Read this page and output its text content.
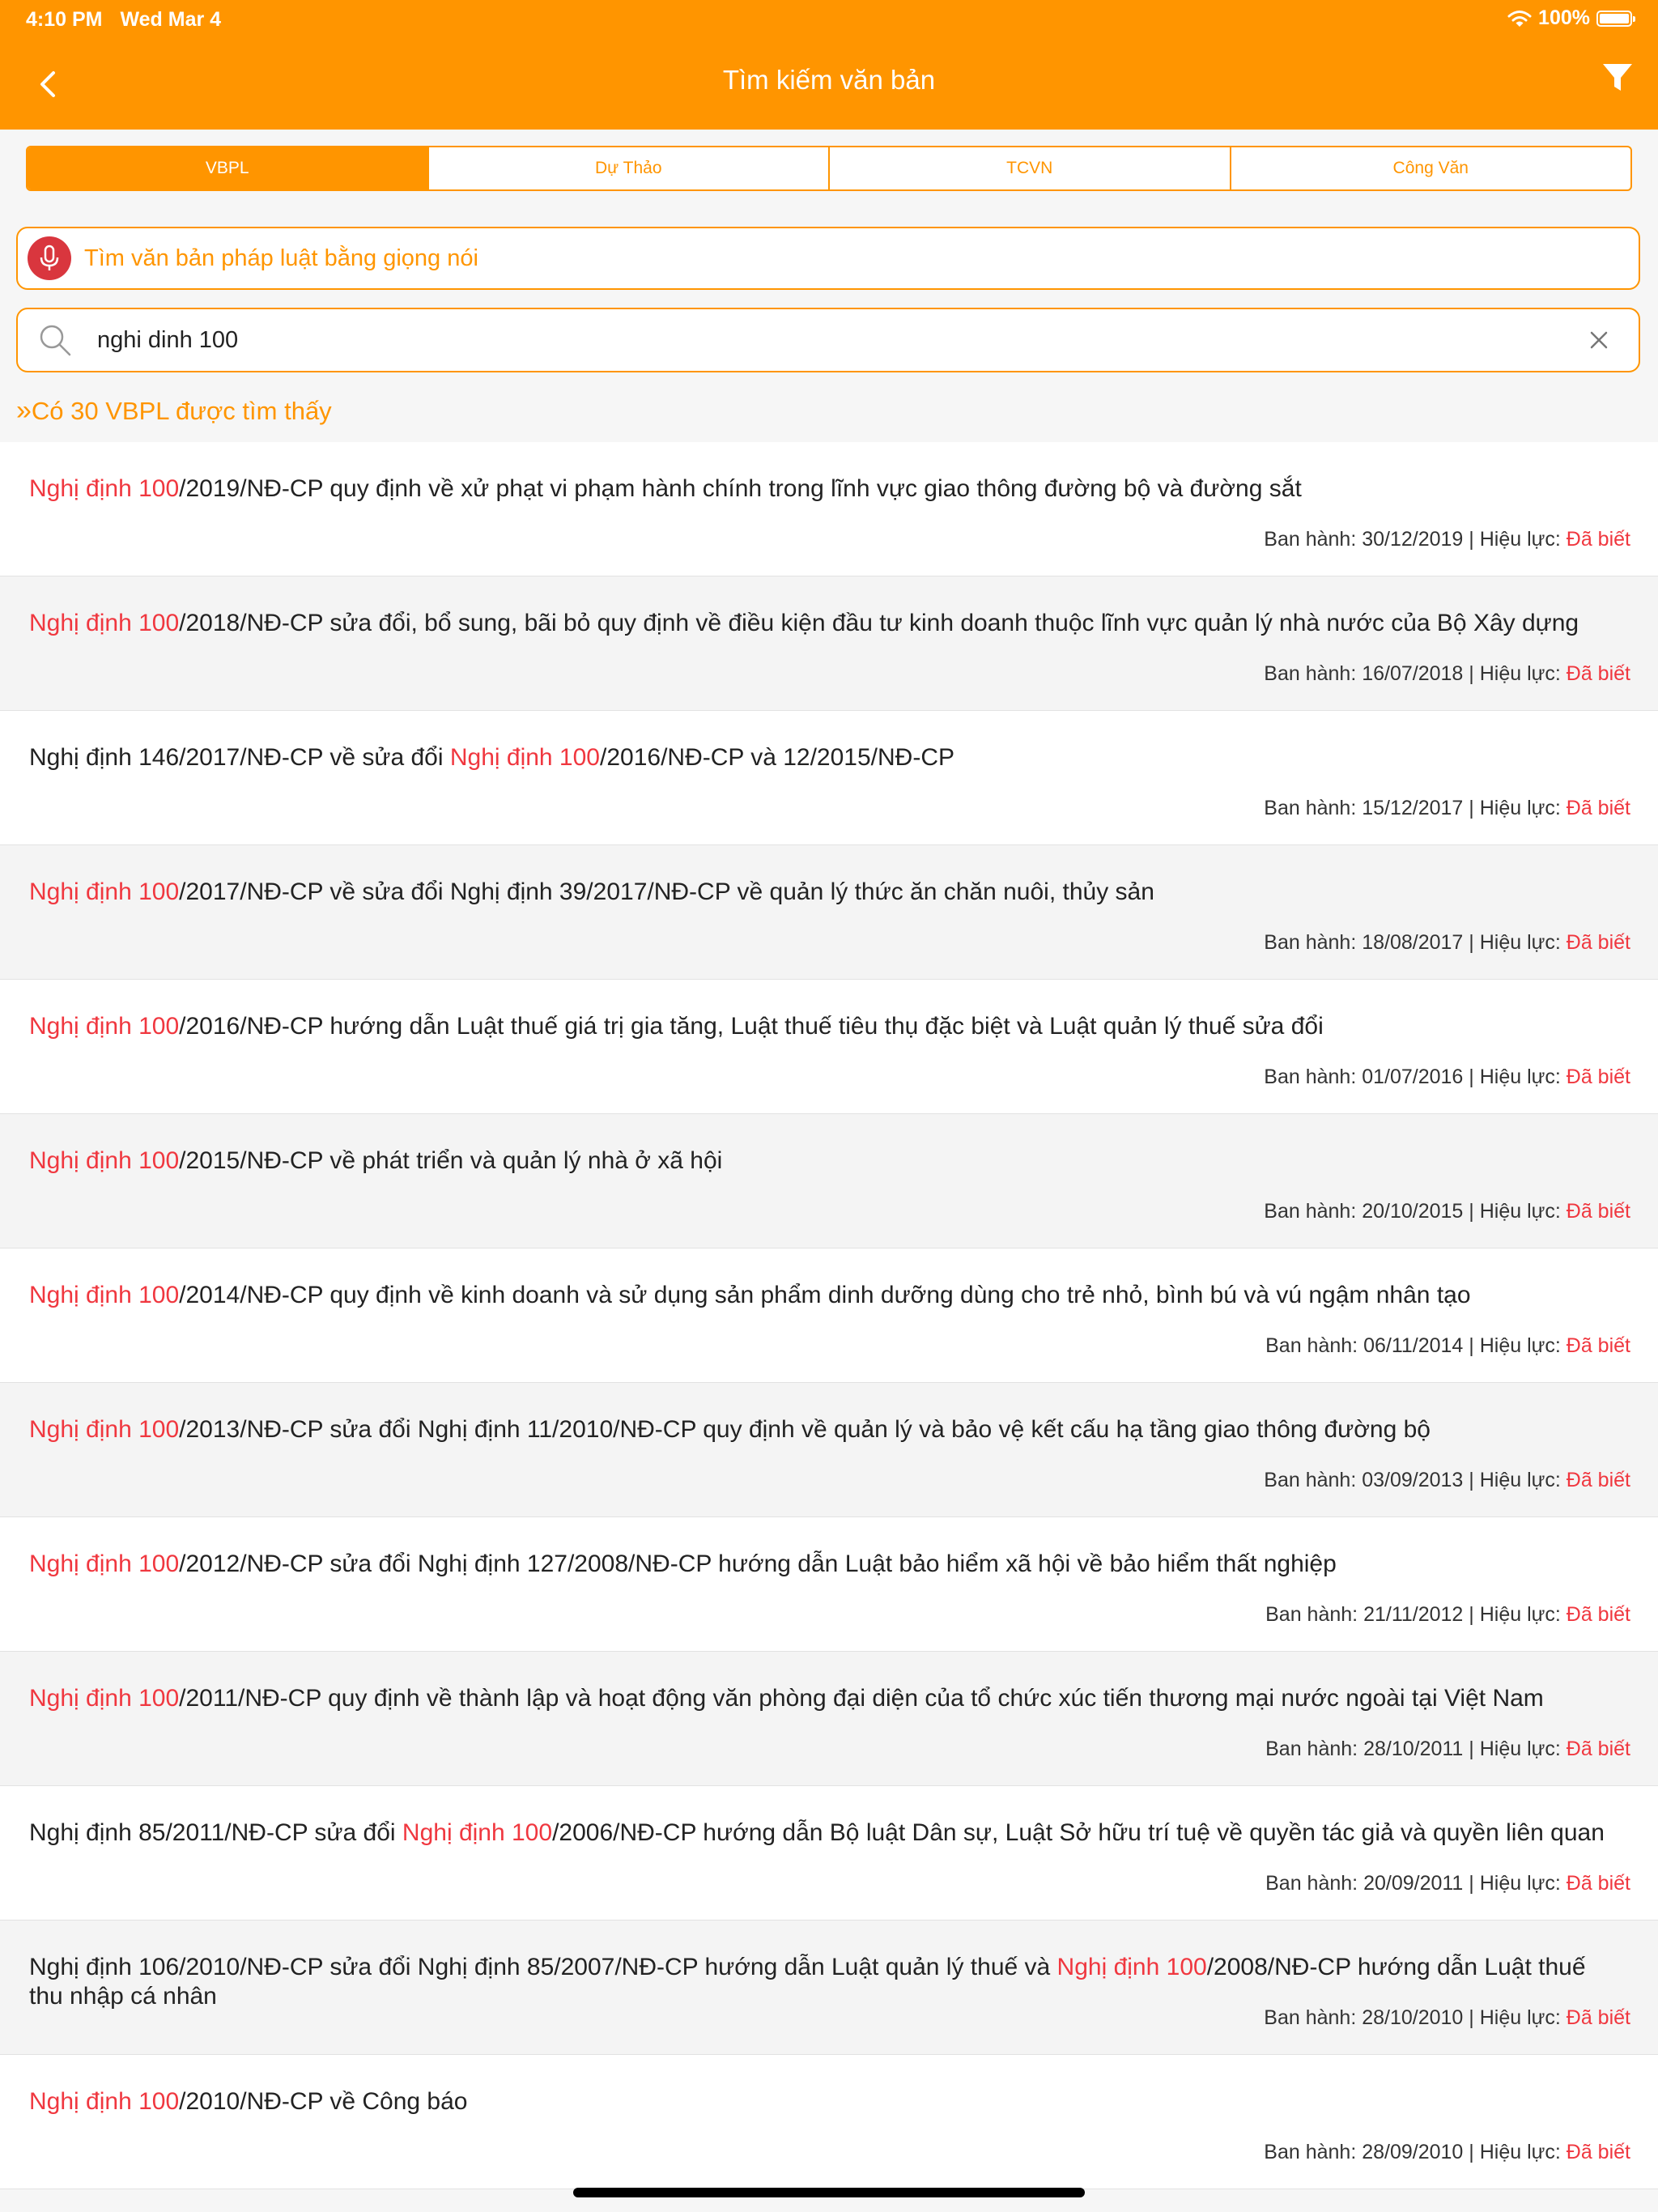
4:10 PM Wed Mar 4	100%
Tìm kiếm văn bản
VBPL	Dự Thảo	TCVN	Công Văn
Tìm văn bản pháp luật bằng giọng nói
nghi dinh 100
»Có 30 VBPL được tìm thấy
Nghị định 100/2019/NĐ-CP quy định về xử phạt vi phạm hành chính trong lĩnh vực giao thông đường bộ và đường sắt
Ban hành: 30/12/2019 | Hiệu lực: Đã biết
Nghị định 100/2018/NĐ-CP sửa đổi, bổ sung, bãi bỏ quy định về điều kiện đầu tư kinh doanh thuộc lĩnh vực quản lý nhà nước của Bộ Xây dựng
Ban hành: 16/07/2018 | Hiệu lực: Đã biết
Nghị định 146/2017/NĐ-CP về sửa đổi Nghị định 100/2016/NĐ-CP và 12/2015/NĐ-CP
Ban hành: 15/12/2017 | Hiệu lực: Đã biết
Nghị định 100/2017/NĐ-CP về sửa đổi Nghị định 39/2017/NĐ-CP về quản lý thức ăn chăn nuôi, thủy sản
Ban hành: 18/08/2017 | Hiệu lực: Đã biết
Nghị định 100/2016/NĐ-CP hướng dẫn Luật thuế giá trị gia tăng, Luật thuế tiêu thụ đặc biệt và Luật quản lý thuế sửa đổi
Ban hành: 01/07/2016 | Hiệu lực: Đã biết
Nghị định 100/2015/NĐ-CP về phát triển và quản lý nhà ở xã hội
Ban hành: 20/10/2015 | Hiệu lực: Đã biết
Nghị định 100/2014/NĐ-CP quy định về kinh doanh và sử dụng sản phẩm dinh dưỡng dùng cho trẻ nhỏ, bình bú và vú ngậm nhân tạo
Ban hành: 06/11/2014 | Hiệu lực: Đã biết
Nghị định 100/2013/NĐ-CP sửa đổi Nghị định 11/2010/NĐ-CP quy định về quản lý và bảo vệ kết cấu hạ tầng giao thông đường bộ
Ban hành: 03/09/2013 | Hiệu lực: Đã biết
Nghị định 100/2012/NĐ-CP sửa đổi Nghị định 127/2008/NĐ-CP hướng dẫn Luật bảo hiểm xã hội về bảo hiểm thất nghiệp
Ban hành: 21/11/2012 | Hiệu lực: Đã biết
Nghị định 100/2011/NĐ-CP quy định về thành lập và hoạt động văn phòng đại diện của tổ chức xúc tiến thương mại nước ngoài tại Việt Nam
Ban hành: 28/10/2011 | Hiệu lực: Đã biết
Nghị định 85/2011/NĐ-CP sửa đổi Nghị định 100/2006/NĐ-CP hướng dẫn Bộ luật Dân sự, Luật Sở hữu trí tuệ về quyền tác giả và quyền liên quan
Ban hành: 20/09/2011 | Hiệu lực: Đã biết
Nghị định 106/2010/NĐ-CP sửa đổi Nghị định 85/2007/NĐ-CP hướng dẫn Luật quản lý thuế và Nghị định 100/2008/NĐ-CP hướng dẫn Luật thuế thu nhập cá nhân
Ban hành: 28/10/2010 | Hiệu lực: Đã biết
Nghị định 100/2010/NĐ-CP về Công báo
Ban hành: 28/09/2010 | Hiệu lực: Đã biết
